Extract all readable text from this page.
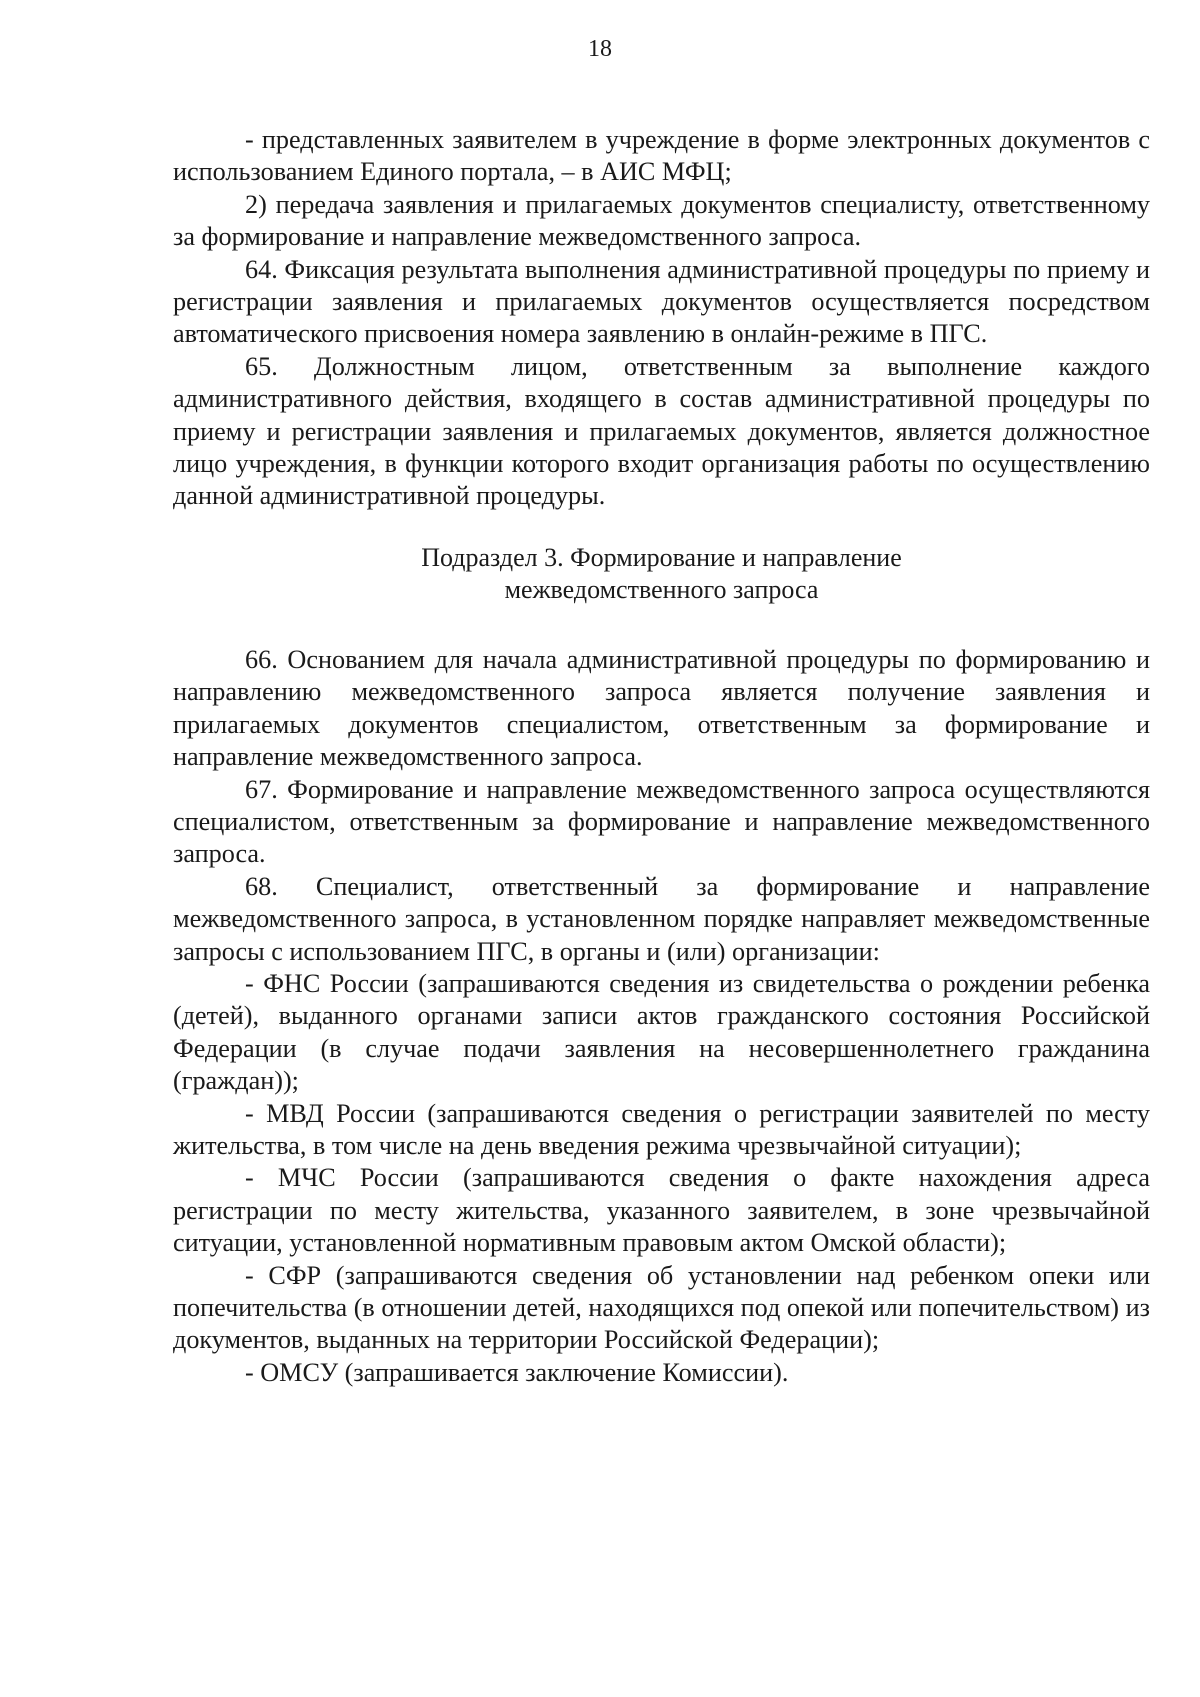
18

- представленных заявителем в учреждение в форме электронных документов с использованием Единого портала, – в АИС МФЦ;

2) передача заявления и прилагаемых документов специалисту, ответственному за формирование и направление межведомственного запроса.

64. Фиксация результата выполнения административной процедуры по приему и регистрации заявления и прилагаемых документов осуществляется посредством автоматического присвоения номера заявлению в онлайн-режиме в ПГС.

65. Должностным лицом, ответственным за выполнение каждого административного действия, входящего в состав административной процедуры по приему и регистрации заявления и прилагаемых документов, является должностное лицо учреждения, в функции которого входит организация работы по осуществлению данной административной процедуры.

Подраздел 3. Формирование и направление
межведомственного запроса

66. Основанием для начала административной процедуры по формированию и направлению межведомственного запроса является получение заявления и прилагаемых документов специалистом, ответственным за формирование и направление межведомственного запроса.

67. Формирование и направление межведомственного запроса осуществляются специалистом, ответственным за формирование и направление межведомственного запроса.

68. Специалист, ответственный за формирование и направление межведомственного запроса, в установленном порядке направляет межведомственные запросы с использованием ПГС, в органы и (или) организации:

- ФНС России (запрашиваются сведения из свидетельства о рождении ребенка (детей), выданного органами записи актов гражданского состояния Российской Федерации (в случае подачи заявления на несовершеннолетнего гражданина (граждан));

- МВД России (запрашиваются сведения о регистрации заявителей по месту жительства, в том числе на день введения режима чрезвычайной ситуации);

- МЧС России (запрашиваются сведения о факте нахождения адреса регистрации по месту жительства, указанного заявителем, в зоне чрезвычайной ситуации, установленной нормативным правовым актом Омской области);

- СФР (запрашиваются сведения об установлении над ребенком опеки или попечительства (в отношении детей, находящихся под опекой или попечительством) из документов, выданных на территории Российской Федерации);

- ОМСУ (запрашивается заключение Комиссии).
